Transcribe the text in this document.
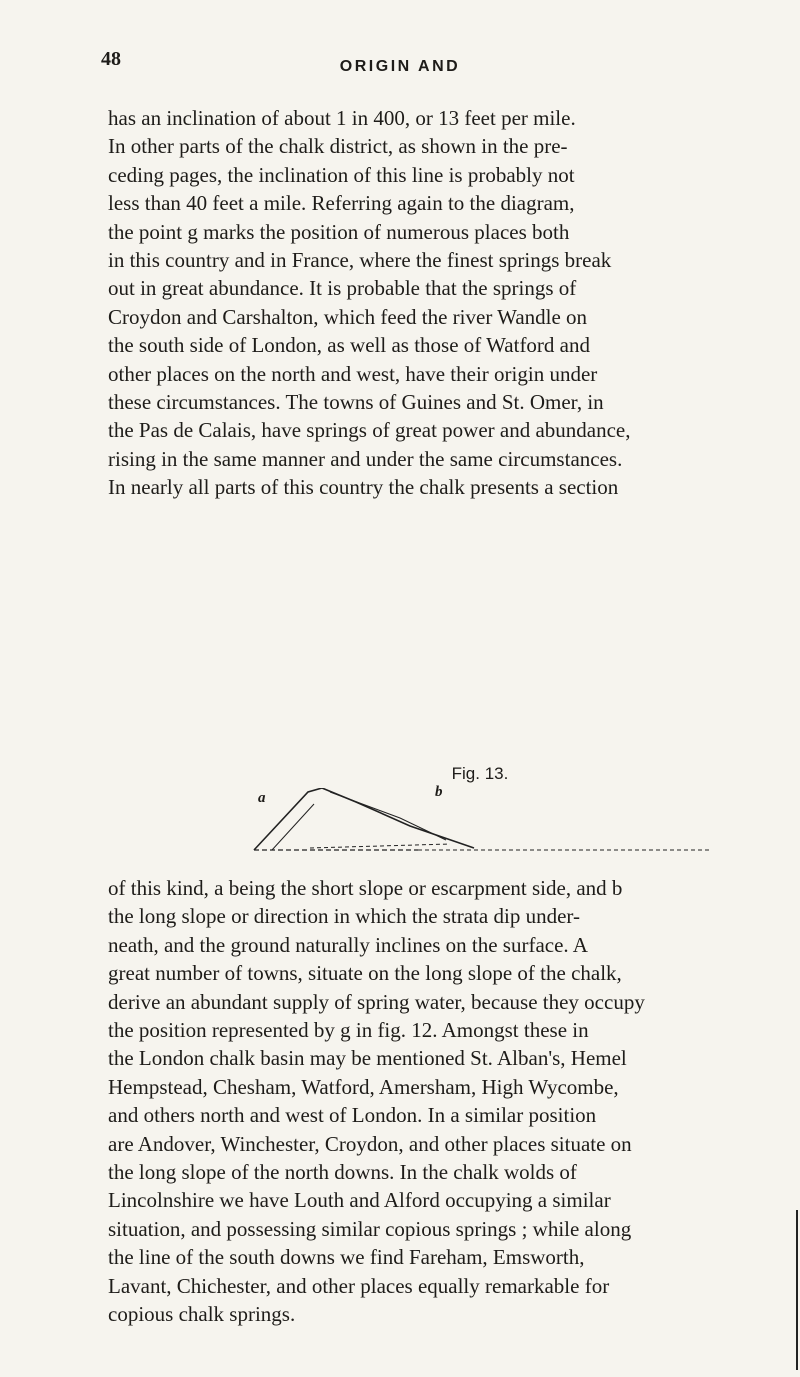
48	ORIGIN AND
has an inclination of about 1 in 400, or 13 feet per mile.
In other parts of the chalk district, as shown in the pre-
ceding pages, the inclination of this line is probably not
less than 40 feet a mile. Referring again to the diagram,
the point g marks the position of numerous places both
in this country and in France, where the finest springs break
out in great abundance. It is probable that the springs of
Croydon and Carshalton, which feed the river Wandle on
the south side of London, as well as those of Watford and
other places on the north and west, have their origin under
these circumstances. The towns of Guines and St. Omer, in
the Pas de Calais, have springs of great power and abundance,
rising in the same manner and under the same circumstances.
In nearly all parts of this country the chalk presents a section
Fig. 13.
a	b
of this kind, a being the short slope or escarpment side, and b
the long slope or direction in which the strata dip under-
neath, and the ground naturally inclines on the surface. A
great number of towns, situate on the long slope of the chalk,
derive an abundant supply of spring water, because they occupy
the position represented by g in fig. 12. Amongst these in
the London chalk basin may be mentioned St. Alban's, Hemel
Hempstead, Chesham, Watford, Amersham, High Wycombe,
and others north and west of London. In a similar position
are Andover, Winchester, Croydon, and other places situate on
the long slope of the north downs. In the chalk wolds of
Lincolnshire we have Louth and Alford occupying a similar
situation, and possessing similar copious springs ; while along
the line of the south downs we find Fareham, Emsworth,
Lavant, Chichester, and other places equally remarkable for
copious chalk springs.
